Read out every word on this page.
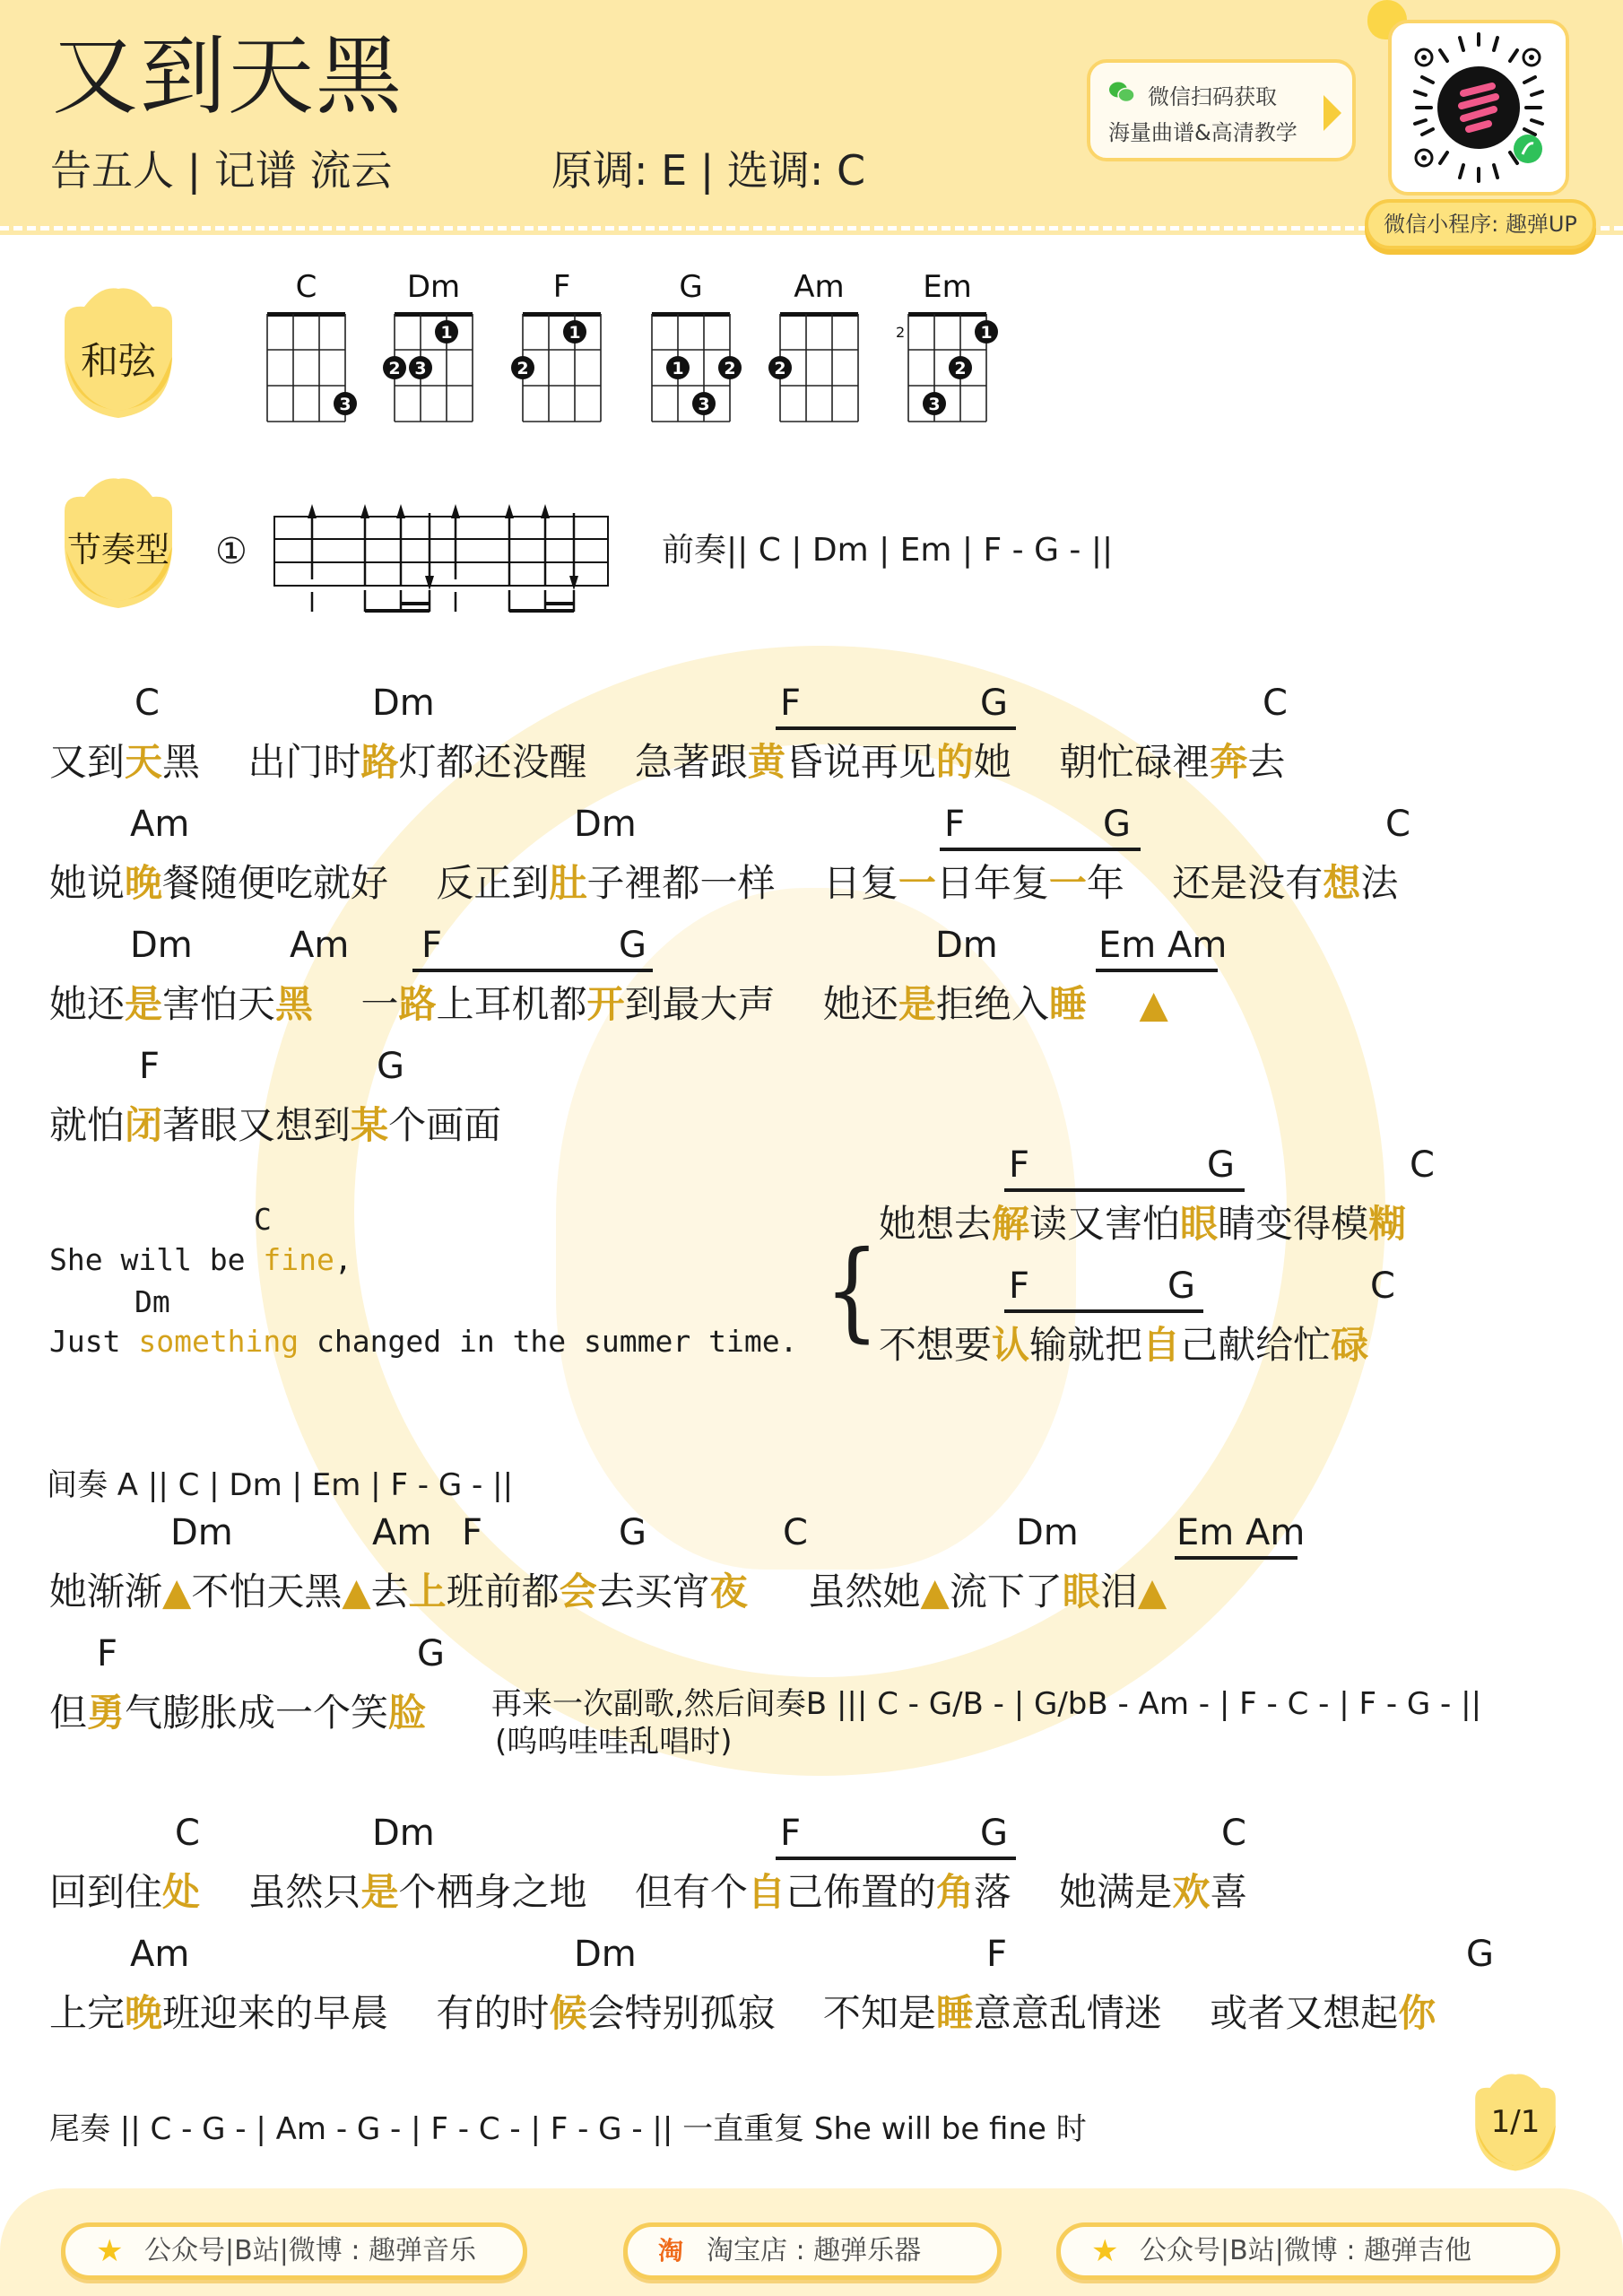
又到天黑
告五人 | 记谱 流云	原调: E | 选调: C
微信扫码获取
海量曲谱&高清教学
微信小程序: 趣弹UP
和弦
节奏型
C
3
Dm
1
2 3
F
1
2
G
1 2
3
Am
2
Em
2	1
2
3
①	前奏|| C | Dm | Em | F - G - ||
C	Dm	F	G	C
又到天黑    出门时路灯都还没醒    急著跟黄昏说再见的她    朝忙碌裡奔去
Am	Dm	F	G	C
她说晚餐随便吃就好    反正到肚子裡都一样    日复一日年复一年    还是没有想法
Dm	Am F	G	Dm	Em Am
她还是害怕天黑    一路上耳机都开到最大声    她还是拒绝入睡    ▲
F	G
就怕闭著眼又想到某个画面
F	G	C
她想去解读又害怕眼睛变得模糊
F	G	C
不想要认输就把自己献给忙碌
Dm	Am F	G	C	Dm	Em Am
她渐渐▲不怕天黑▲去上班前都会去买宵夜     虽然她▲流下了眼泪▲
F	G
但勇气膨胀成一个笑脸
C	Dm	F	G	C
回到住处    虽然只是个栖身之地    但有个自己佈置的角落    她满是欢喜
Am	Dm	F	G
上完晚班迎来的早晨    有的时候会特别孤寂    不知是睡意意乱情迷    或者又想起你
C
Dm
She will be fine,
Just something changed in the summer time. {
间奏 A || C | Dm | Em | F - G - ||
再来一次副歌,然后间奏B ||| C - G/B - | G/bB - Am - | F - C - | F - G - ||
(呜呜哇哇乱唱时)
尾奏 || C - G - | Am - G - | F - C - | F - G - || 一直重复 She will be fine 时	1/1
★ 公众号|B站|微博 : 趣弹音乐	淘 淘宝店 : 趣弹乐器	★ 公众号|B站|微博 : 趣弹吉他
